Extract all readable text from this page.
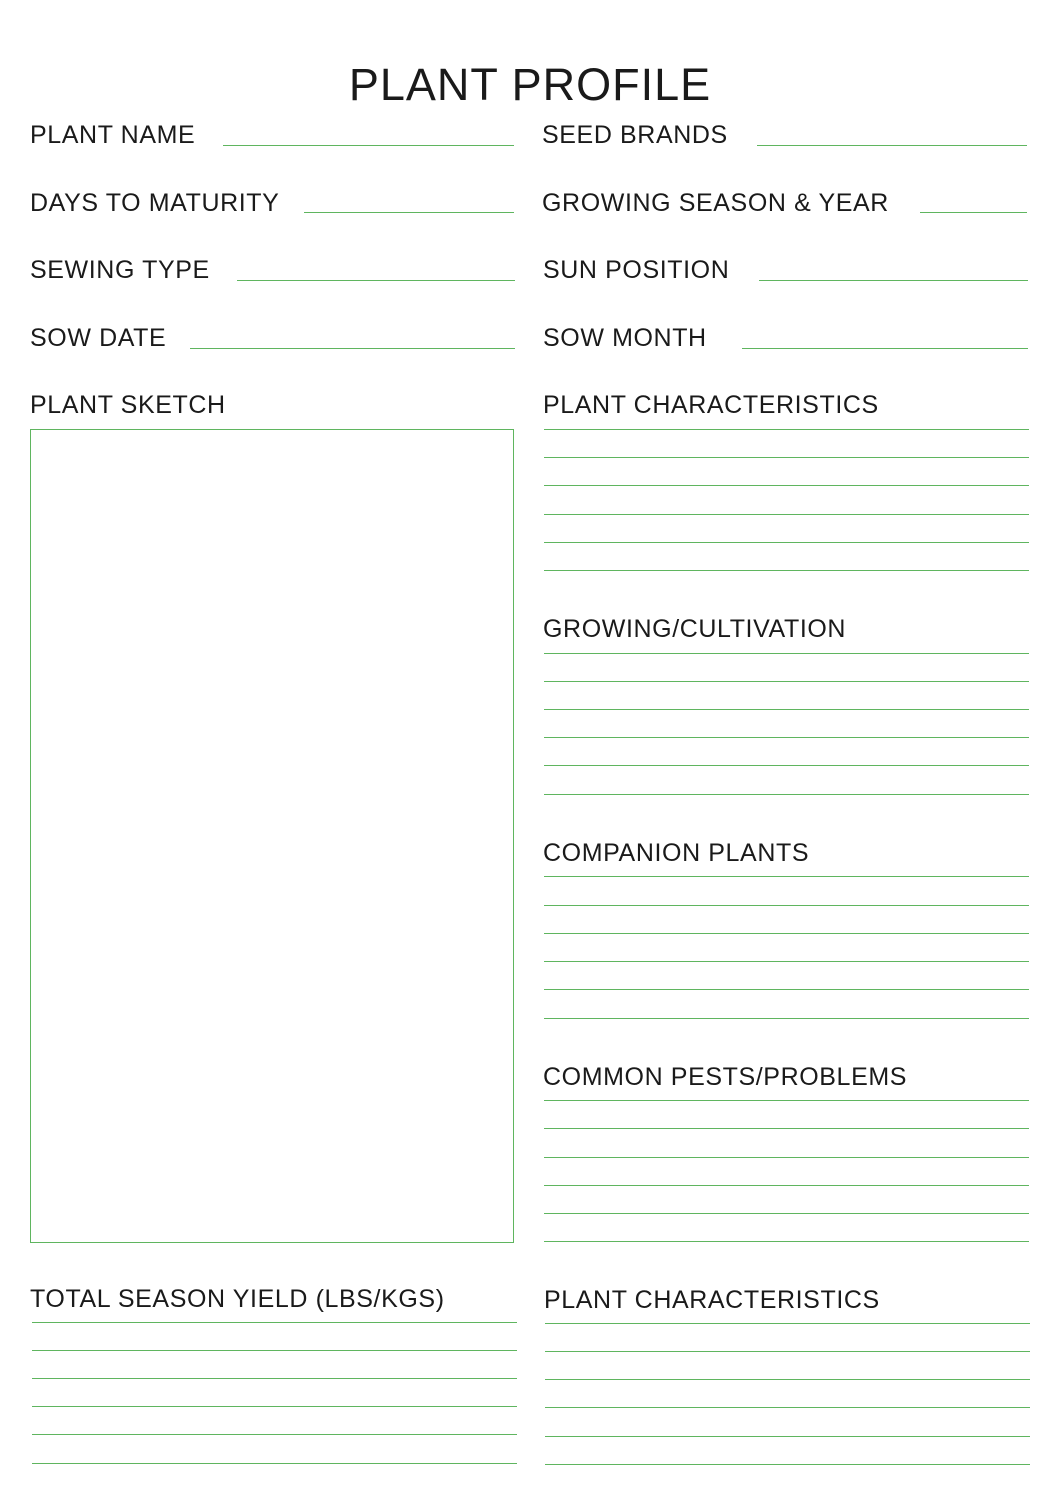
PLANT PROFILE
PLANT NAME	SEED BRANDS
DAYS TO MATURITY	GROWING SEASON & YEAR
SEWING TYPE	SUN POSITION
SOW DATE	SOW MONTH
PLANT SKETCH	PLANT CHARACTERISTICS
GROWING/CULTIVATION
COMPANION PLANTS
COMMON PESTS/PROBLEMS
TOTAL SEASON YIELD (LBS/KGS)	PLANT CHARACTERISTICS
